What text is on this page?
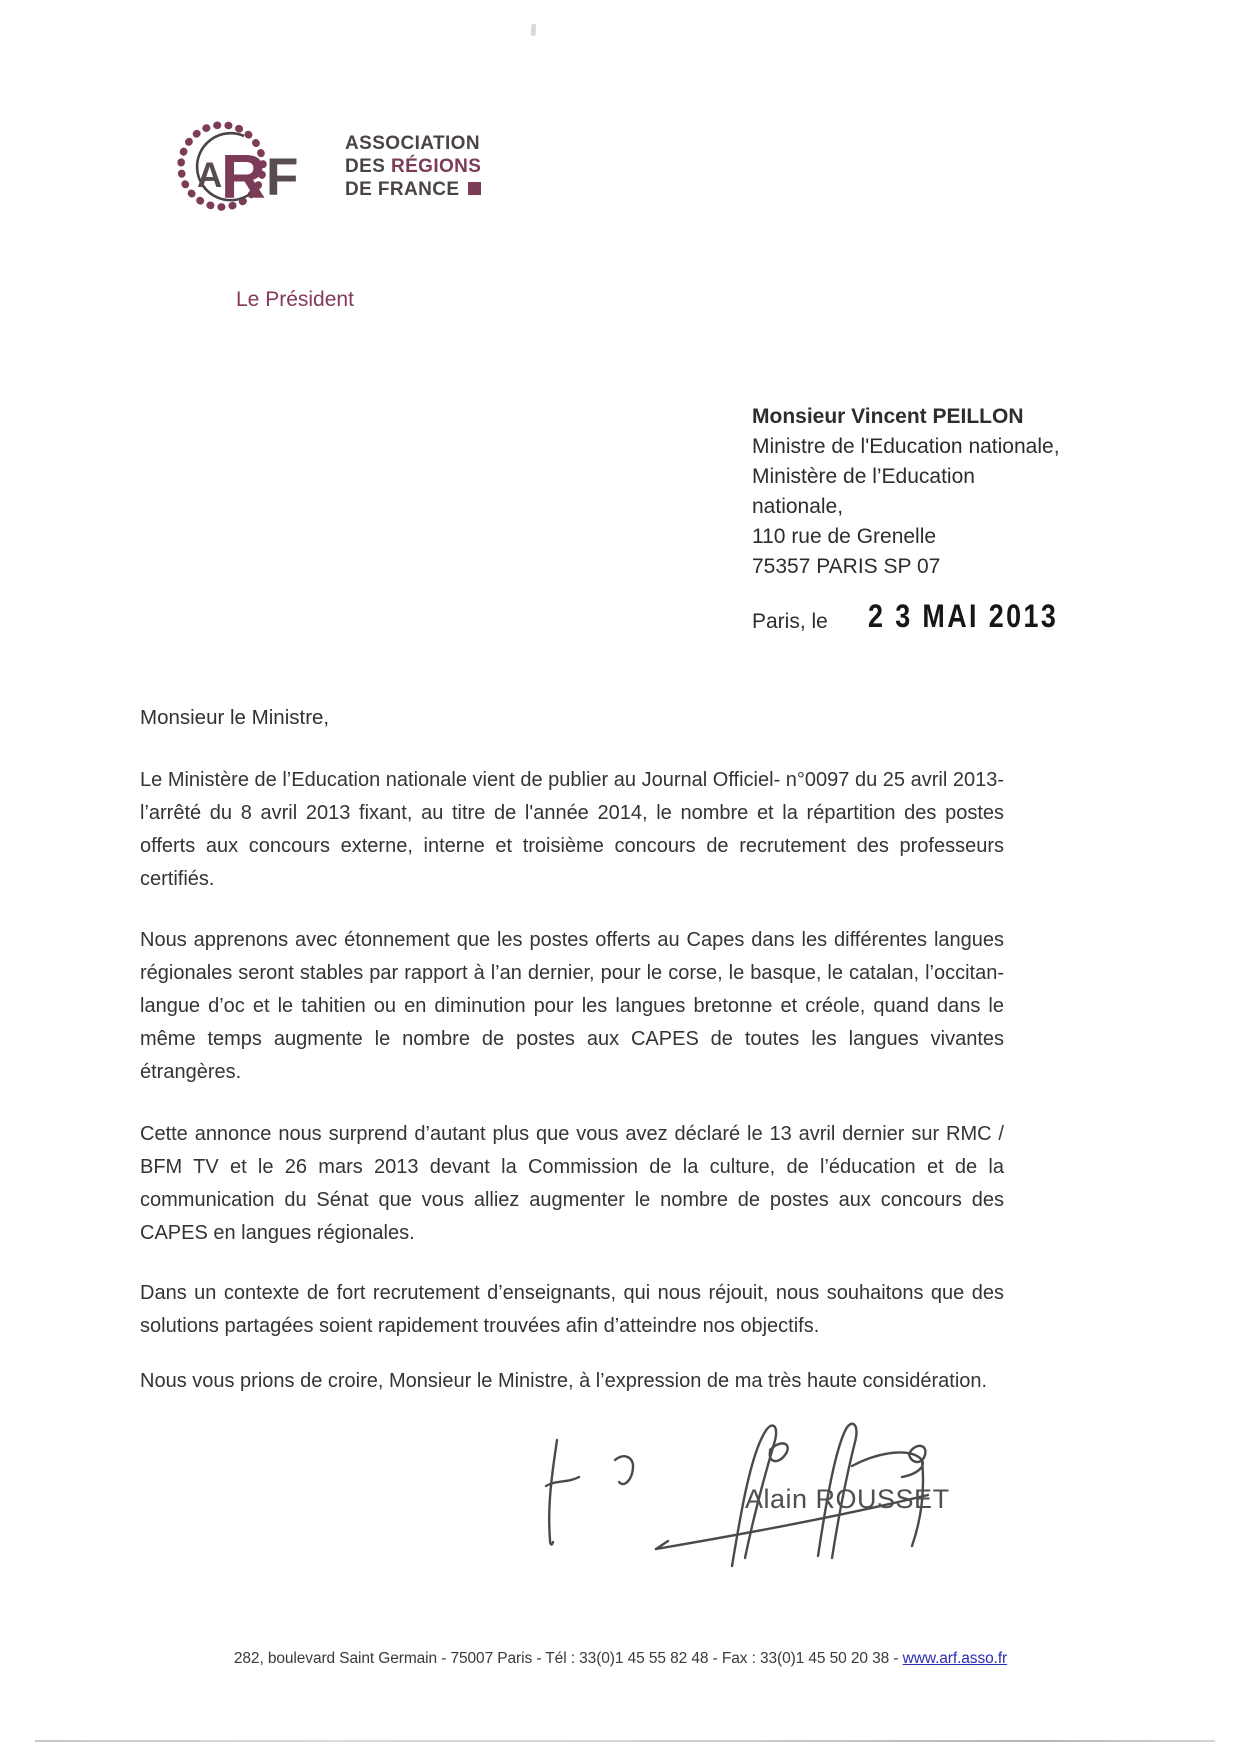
A
R F
ASSOCIATION
DES RÉGIONS
DE FRANCE
Le Président
Monsieur Vincent PEILLON
Ministre de l'Education nationale,
Ministère de l’Education
nationale,
110 rue de Grenelle
75357 PARIS SP 07
Paris, le 2 3 MAI 2013
Monsieur le Ministre,

Le Ministère de l’Education nationale vient de publier au Journal Officiel- n°0097 du 25 avril 2013- l’arrêté du 8 avril 2013 fixant, au titre de l'année 2014, le nombre et la répartition des postes offerts aux concours externe, interne et troisième concours de recrutement des professeurs certifiés.

Nous apprenons avec étonnement que les postes offerts au Capes dans les différentes langues régionales seront stables par rapport à l’an dernier, pour le corse, le basque, le catalan, l’occitan-langue d’oc et le tahitien ou en diminution pour les langues bretonne et créole, quand dans le même temps augmente le nombre de postes aux CAPES de toutes les langues vivantes étrangères.

Cette annonce nous surprend d’autant plus que vous avez déclaré le 13 avril dernier sur RMC / BFM TV et le 26 mars 2013 devant la Commission de la culture, de l’éducation et de la communication du Sénat que vous alliez augmenter le nombre de postes aux concours des CAPES en langues régionales.

Dans un contexte de fort recrutement d’enseignants, qui nous réjouit, nous souhaitons que des solutions partagées soient rapidement trouvées afin d’atteindre nos objectifs.

Nous vous prions de croire, Monsieur le Ministre, à l’expression de ma très haute considération.

Alain ROUSSET
282, boulevard Saint Germain - 75007 Paris - Tél : 33(0)1 45 55 82 48 - Fax : 33(0)1 45 50 20 38 - www.arf.asso.fr
